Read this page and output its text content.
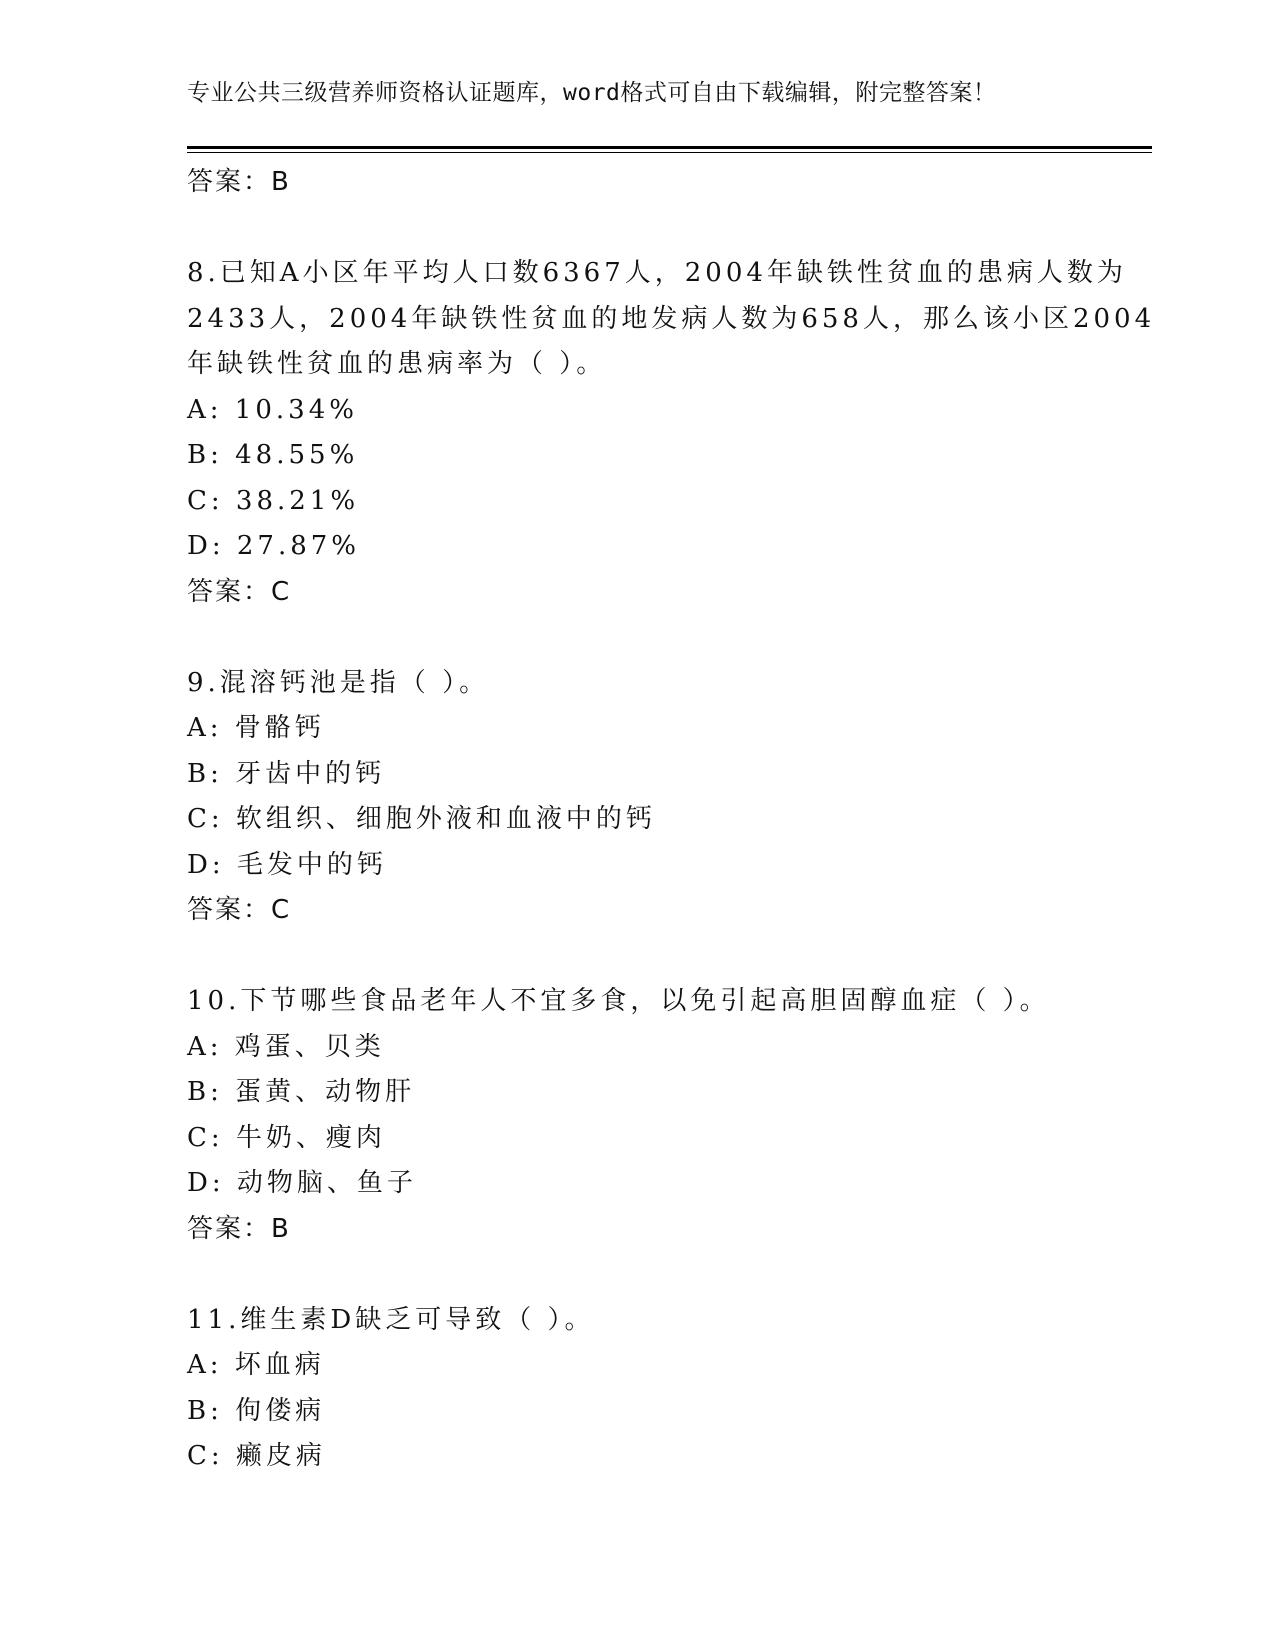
专业公共三级营养师资格认证题库，word格式可自由下载编辑，附完整答案！
答案：B
8.已知A小区年平均人口数6367人，2004年缺铁性贫血的患病人数为
2433人，2004年缺铁性贫血的地发病人数为658人，那么该小区2004
年缺铁性贫血的患病率为（ ）。
A: 10.34%
B: 48.55%
C: 38.21%
D: 27.87%
答案：C
9.混溶钙池是指（ ）。
A: 骨骼钙
B: 牙齿中的钙
C: 软组织、细胞外液和血液中的钙
D: 毛发中的钙
答案：C
10.下节哪些食品老年人不宜多食，以免引起高胆固醇血症（ ）。
A: 鸡蛋、贝类
B: 蛋黄、动物肝
C: 牛奶、瘦肉
D: 动物脑、鱼子
答案：B
11.维生素D缺乏可导致（ ）。
A: 坏血病
B: 佝偻病
C: 癞皮病
